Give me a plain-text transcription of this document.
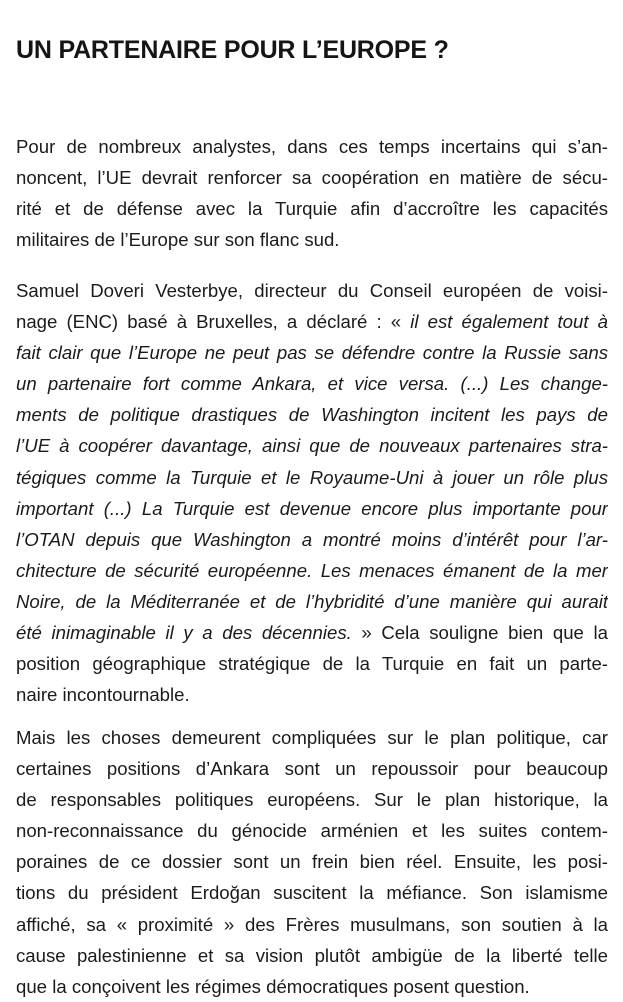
UN PARTENAIRE POUR L’EUROPE ?

Pour de nombreux analystes, dans ces temps incertains qui s’an-
noncent, l’UE devrait renforcer sa coopération en matière de sécu-
rité et de défense avec la Turquie afin d’accroître les capacités
militaires de l’Europe sur son flanc sud.

Samuel Doveri Vesterbye, directeur du Conseil européen de voisi-
nage (ENC) basé à Bruxelles, a déclaré : « il est également tout à
fait clair que l’Europe ne peut pas se défendre contre la Russie sans
un partenaire fort comme Ankara, et vice versa. (...) Les change-
ments de politique drastiques de Washington incitent les pays de
l’UE à coopérer davantage, ainsi que de nouveaux partenaires stra-
tégiques comme la Turquie et le Royaume-Uni à jouer un rôle plus
important (...) La Turquie est devenue encore plus importante pour
l’OTAN depuis que Washington a montré moins d’intérêt pour l’ar-
chitecture de sécurité européenne. Les menaces émanent de la mer
Noire, de la Méditerranée et de l’hybridité d’une manière qui aurait
été inimaginable il y a des décennies. » Cela souligne bien que la
position géographique stratégique de la Turquie en fait un parte-
naire incontournable.

Mais les choses demeurent compliquées sur le plan politique, car
certaines positions d’Ankara sont un repoussoir pour beaucoup
de responsables politiques européens. Sur le plan historique, la
non-reconnaissance du génocide arménien et les suites contem-
poraines de ce dossier sont un frein bien réel. Ensuite, les posi-
tions du président Erdoğan suscitent la méfiance. Son islamisme
affiché, sa « proximité » des Frères musulmans, son soutien à la
cause palestinienne et sa vision plutôt ambigüe de la liberté telle
que la conçoivent les régimes démocratiques posent question.
